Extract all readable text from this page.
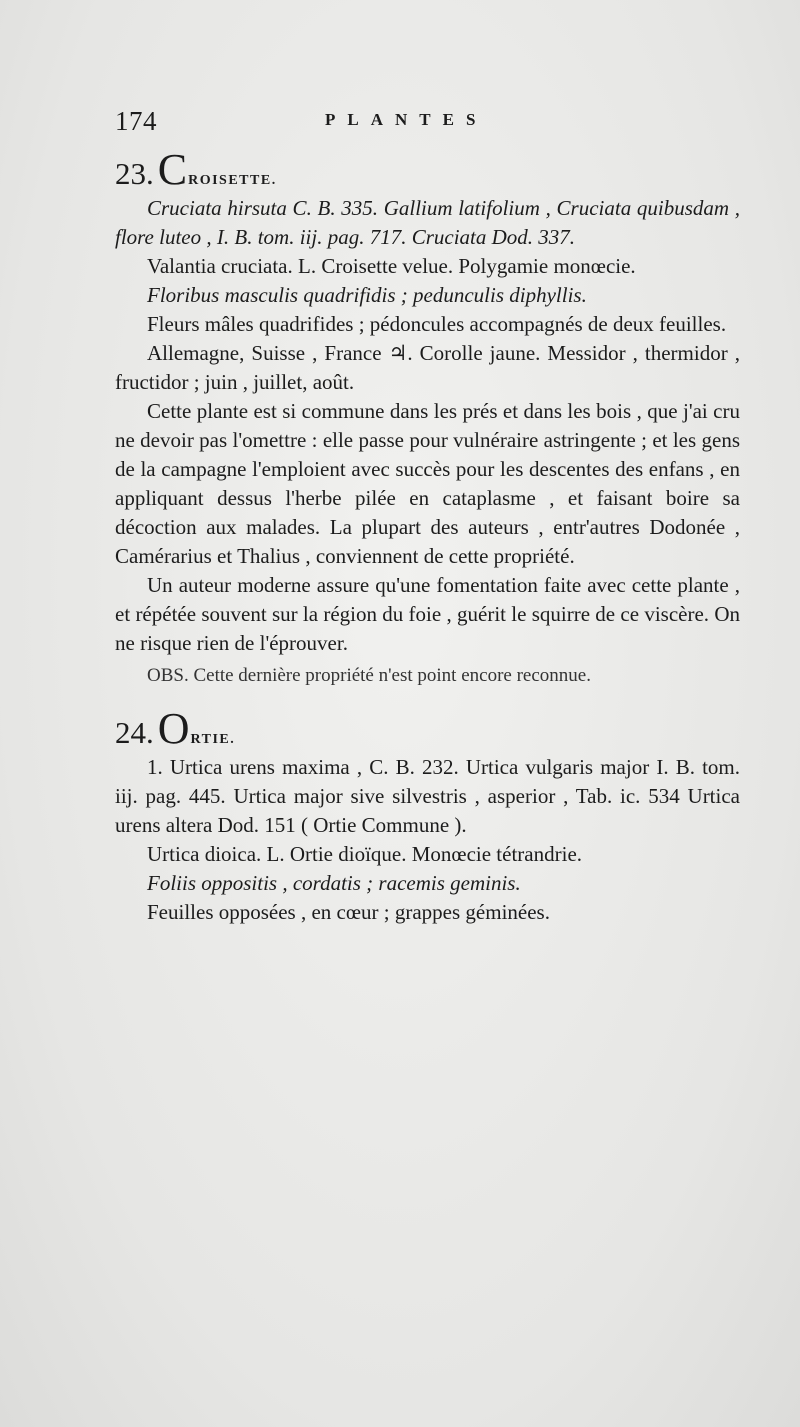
174	PLANTES
23 . C ROISETTE.

Cruciata hirsuta C. B. 335. Gallium latifolium , Cruciata quibusdam , flore luteo , I. B. tom. iij. pag. 717. Cruciata Dod. 337.

Valantia cruciata. L. Croisette velue. Polygamie monœcie.

Floribus masculis quadrifidis ; pedunculis diphyllis.

Fleurs mâles quadrifides ; pédoncules accompagnés de deux feuilles.

Allemagne, Suisse , France ♃. Corolle jaune. Messidor , thermidor , fructidor ; juin , juillet, août.

Cette plante est si commune dans les prés et dans les bois , que j'ai cru ne devoir pas l'omettre : elle passe pour vulnéraire astringente ; et les gens de la campagne l'emploient avec succès pour les descentes des enfans , en appliquant dessus l'herbe pilée en cataplasme , et faisant boire sa décoction aux malades. La plupart des auteurs , entr'autres Dodonée , Camérarius et Thalius , conviennent de cette propriété.

Un auteur moderne assure qu'une fomentation faite avec cette plante , et répétée souvent sur la région du foie , guérit le squirre de ce viscère. On ne risque rien de l'éprouver.

OBS. Cette dernière propriété n'est point encore reconnue.

24 . O RTIE.

1. Urtica urens maxima , C. B. 232. Urtica vulgaris major I. B. tom. iij. pag. 445. Urtica major sive silvestris , asperior , Tab. ic. 534 Urtica urens altera Dod. 151 ( Ortie Commune ).

Urtica dioica. L. Ortie dioïque. Monœcie tétrandrie.

Foliis oppositis , cordatis ; racemis geminis.

Feuilles opposées , en cœur ; grappes géminées.
